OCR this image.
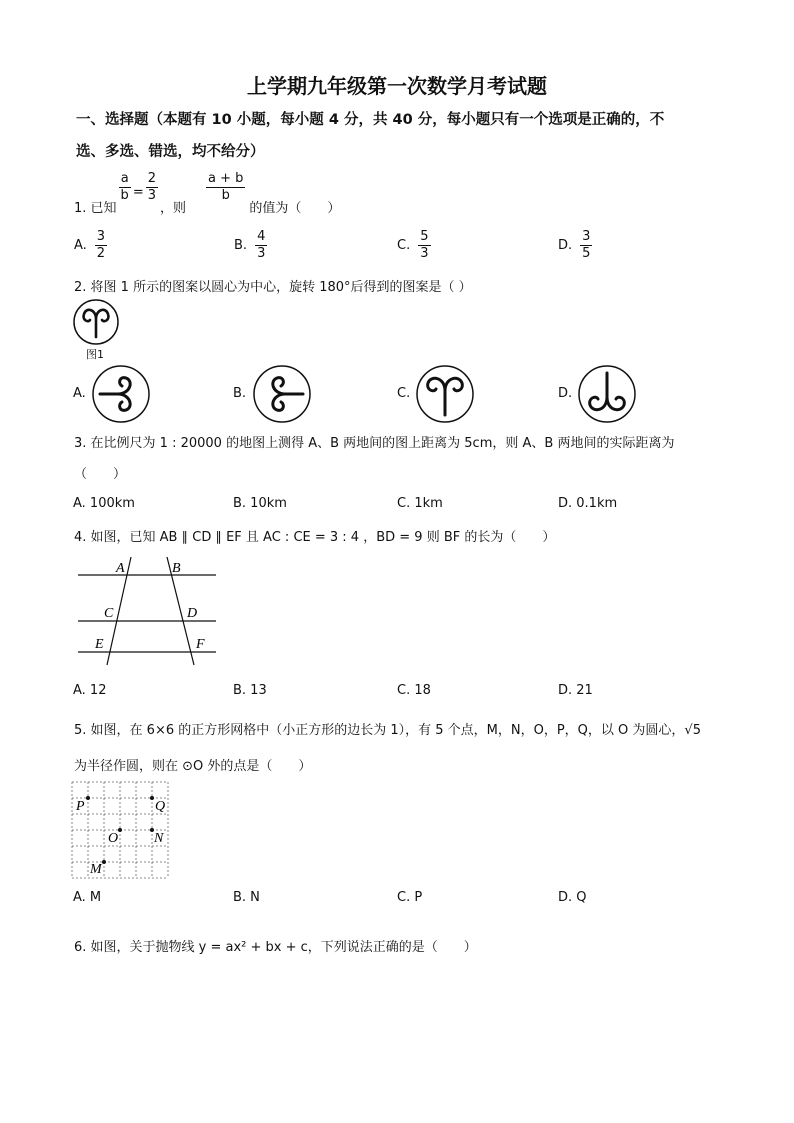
上学期九年级第一次数学月考试题
一、选择题（本题有 10 小题，每小题 4 分，共 40 分，每小题只有一个选项是正确的，不
选、多选、错选，均不给分）
1. 已知
$\frac{a}{b} = \frac{2}{3}$
，则
$\frac{a + b}{b}$
的值为（　　）
A. $\frac{3}{2}$	B. $\frac{4}{3}$	C. $\frac{5}{3}$	D. $\frac{3}{5}$
2. 将图 1 所示的图案以圆心为中心，旋转 180°后得到的图案是（ ）
图1
A.	B.	C.	D.
3. 在比例尺为 1 : 20000 的地图上测得 A、B 两地间的图上距离为 5cm，则 A、B 两地间的实际距离为
（　　）
A. 100km	B. 10km	C. 1km	D. 0.1km
4. 如图，已知 AB ∥ CD ∥ EF 且 AC : CE = 3 : 4 ，BD = 9 则 BF 的长为（　　）
A	B
C	D
E	F
A. 12	B. 13	C. 18	D. 21
5. 如图，在 6×6 的正方形网格中（小正方形的边长为 1），有 5 个点，M，N，O，P，Q，以 O 为圆心，√5
为半径作圆，则在 ⊙O 外的点是（　　）
P	Q
O	N
M
A. M	B. N	C. P	D. Q
6. 如图，关于抛物线 y = ax² + bx + c，下列说法正确的是（　　）
